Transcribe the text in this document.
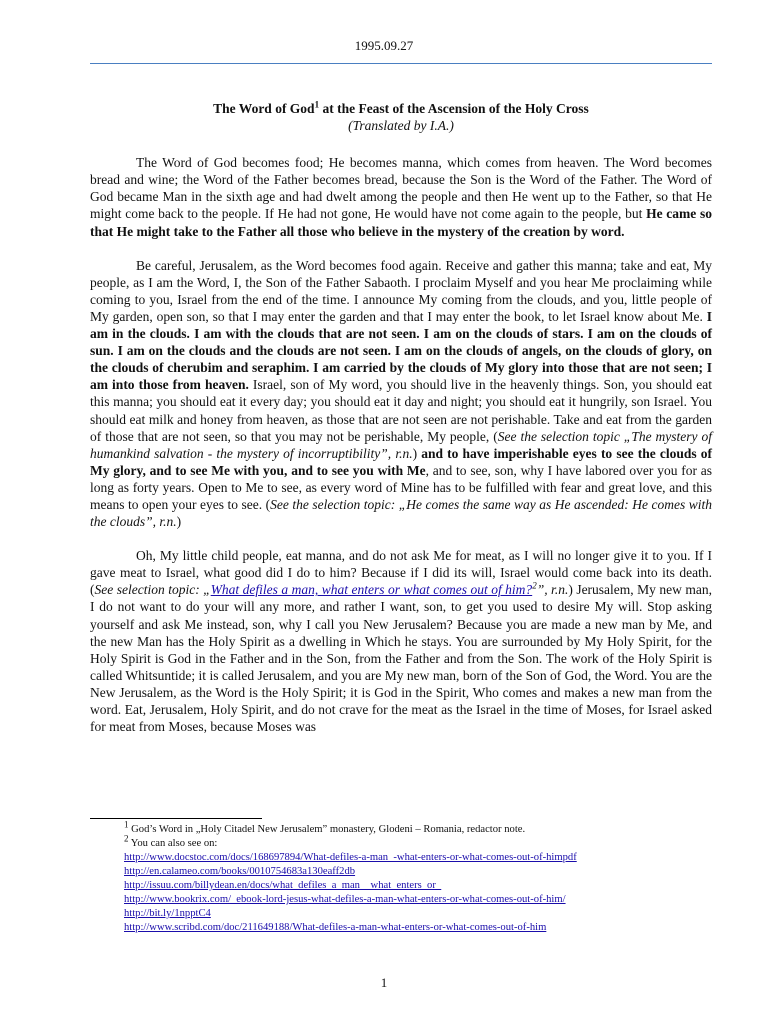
1995.09.27
The Word of God$^1$ at the Feast of the Ascension of the Holy Cross
(Translated by I.A.)

The Word of God becomes food; He becomes manna, which comes from heaven. The Word becomes bread and wine; the Word of the Father becomes bread, because the Son is the Word of the Father. The Word of God became Man in the sixth age and had dwelt among the people and then He went up to the Father, so that He might come back to the people. If He had not gone, He would have not come again to the people, but He came so that He might take to the Father all those who believe in the mystery of the creation by word.

Be careful, Jerusalem, as the Word becomes food again. Receive and gather this manna; take and eat, My people, as I am the Word, I, the Son of the Father Sabaoth. I proclaim Myself and you hear Me proclaiming while coming to you, Israel from the end of the time. I announce My coming from the clouds, and you, little people of My garden, open son, so that I may enter the garden and that I may enter the book, to let Israel know about Me. I am in the clouds. I am with the clouds that are not seen. I am on the clouds of stars. I am on the clouds of sun. I am on the clouds and the clouds are not seen. I am on the clouds of angels, on the clouds of glory, on the clouds of cherubim and seraphim. I am carried by the clouds of My glory into those that are not seen; I am into those from heaven. Israel, son of My word, you should live in the heavenly things. Son, you should eat this manna; you should eat it every day; you should eat it day and night; you should eat it hungrily, son Israel. You should eat milk and honey from heaven, as those that are not seen are not perishable. Take and eat from the garden of those that are not seen, so that you may not be perishable, My people, (See the selection topic „The mystery of humankind salvation - the mystery of incorruptibility”, r.n.) and to have imperishable eyes to see the clouds of My glory, and to see Me with you, and to see you with Me, and to see, son, why I have labored over you for as long as forty years. Open to Me to see, as every word of Mine has to be fulfilled with fear and great love, and this means to open your eyes to see. (See the selection topic: „He comes the same way as He ascended: He comes with the clouds”, r.n.)

Oh, My little child people, eat manna, and do not ask Me for meat, as I will no longer give it to you. If I gave meat to Israel, what good did I do to him? Because if I did its will, Israel would come back into its death. (See selection topic: „What defiles a man, what enters or what comes out of him?$^2$”, r.n.) Jerusalem, My new man, I do not want to do your will any more, and rather I want, son, to get you used to desire My will. Stop asking yourself and ask Me instead, son, why I call you New Jerusalem? Because you are made a new man by Me, and the new Man has the Holy Spirit as a dwelling in Which he stays. You are surrounded by My Holy Spirit, for the Holy Spirit is God in the Father and in the Son, from the Father and from the Son. The work of the Holy Spirit is called Whitsuntide; it is called Jerusalem, and you are My new man, born of the Son of God, the Word. You are the New Jerusalem, as the Word is the Holy Spirit; it is God in the Spirit, Who comes and makes a new man from the word. Eat, Jerusalem, Holy Spirit, and do not crave for the meat as the Israel in the time of Moses, for Israel asked for meat from Moses, because Moses was

$^1$ God’s Word in „Holy Citadel New Jerusalem” monastery, Glodeni – Romania, redactor note.
$^2$ You can also see on:
http://www.docstoc.com/docs/168697894/What-defiles-a-man_-what-enters-or-what-comes-out-of-himpdf
http://en.calameo.com/books/0010754683a130eaff2db
http://issuu.com/billydean.en/docs/what_defiles_a_man__what_enters_or_
http://www.bookrix.com/_ebook-lord-jesus-what-defiles-a-man-what-enters-or-what-comes-out-of-him/
http://bit.ly/1npptC4
http://www.scribd.com/doc/211649188/What-defiles-a-man-what-enters-or-what-comes-out-of-him
1
